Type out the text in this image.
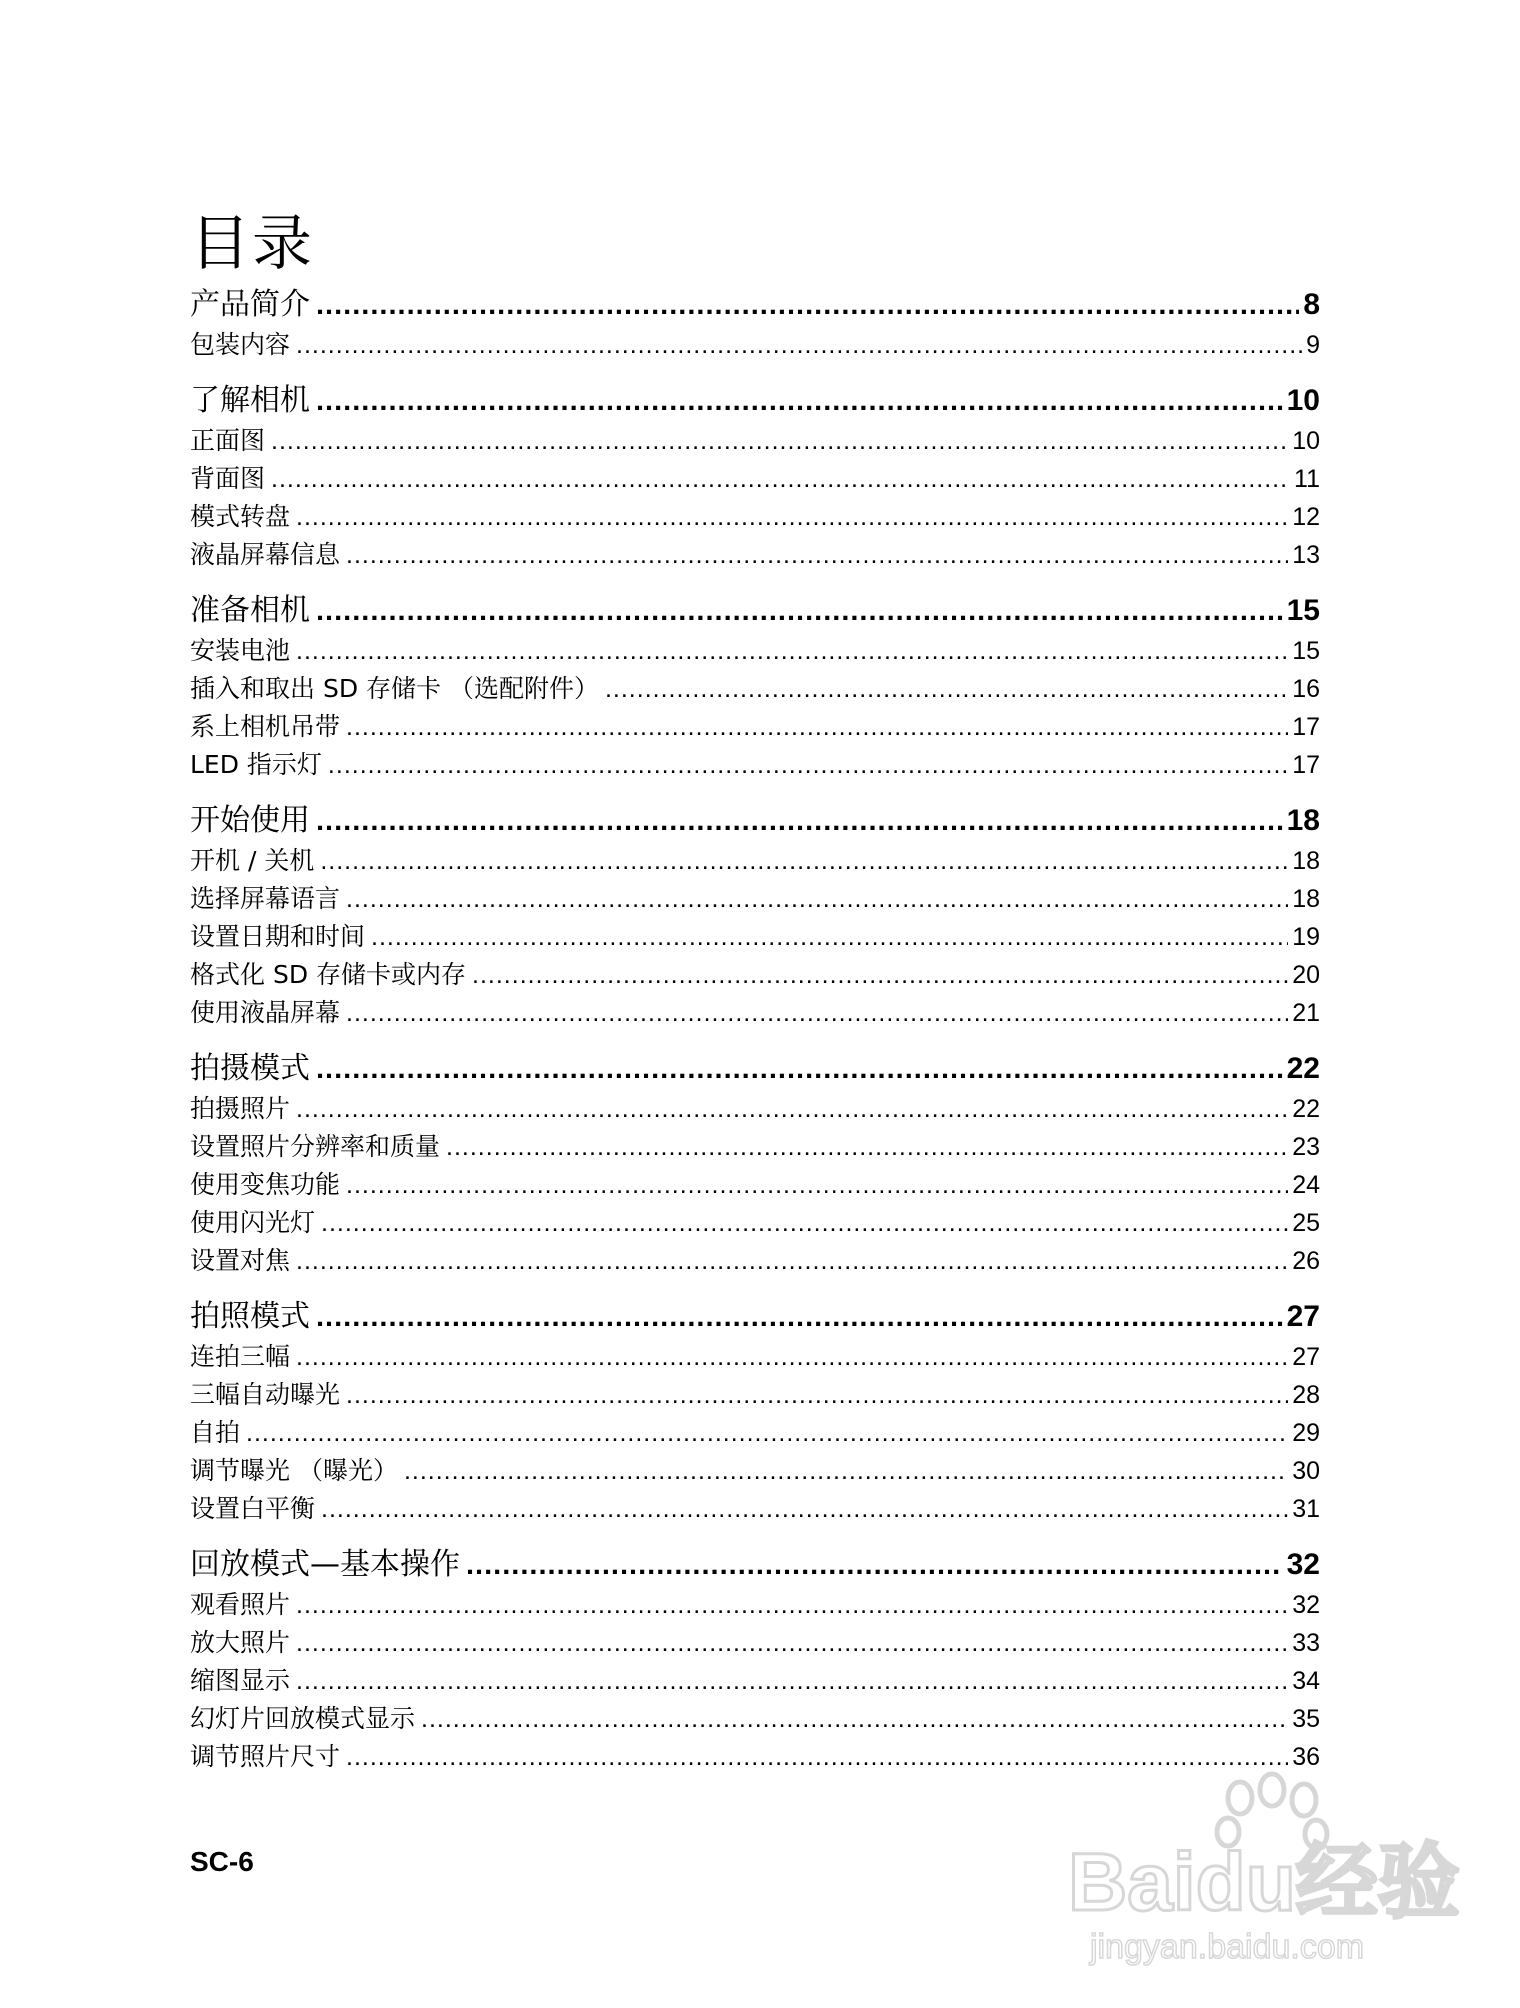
目录
产品简介 .....	8
包装内容 .....	9
了解相机 .....	10
正面图 .....	10
背面图 .....	11
模式转盘 .....	12
液晶屏幕信息 .....	13
准备相机 .....	15
安装电池 .....	15
插入和取出 SD 存储卡 （选配附件） .....	16
系上相机吊带 .....	17
LED 指示灯 .....	17
开始使用 .....	18
开机 / 关机 .....	18
选择屏幕语言 .....	18
设置日期和时间 .....	19
格式化 SD 存储卡或内存 .....	20
使用液晶屏幕 .....	21
拍摄模式 .....	22
拍摄照片 .....	22
设置照片分辨率和质量 .....	23
使用变焦功能 .....	24
使用闪光灯 .....	25
设置对焦 .....	26
拍照模式 .....	27
连拍三幅 .....	27
三幅自动曝光 .....	28
自拍 .....	29
调节曝光 （曝光） .....	30
设置白平衡 .....	31
回放模式—基本操作 .....	32
观看照片 .....	32
放大照片 .....	33
缩图显示 .....	34
幻灯片回放模式显示 .....	35
调节照片尺寸 .....	36
SC-6	Baidu经验
jingyan.baidu.com
